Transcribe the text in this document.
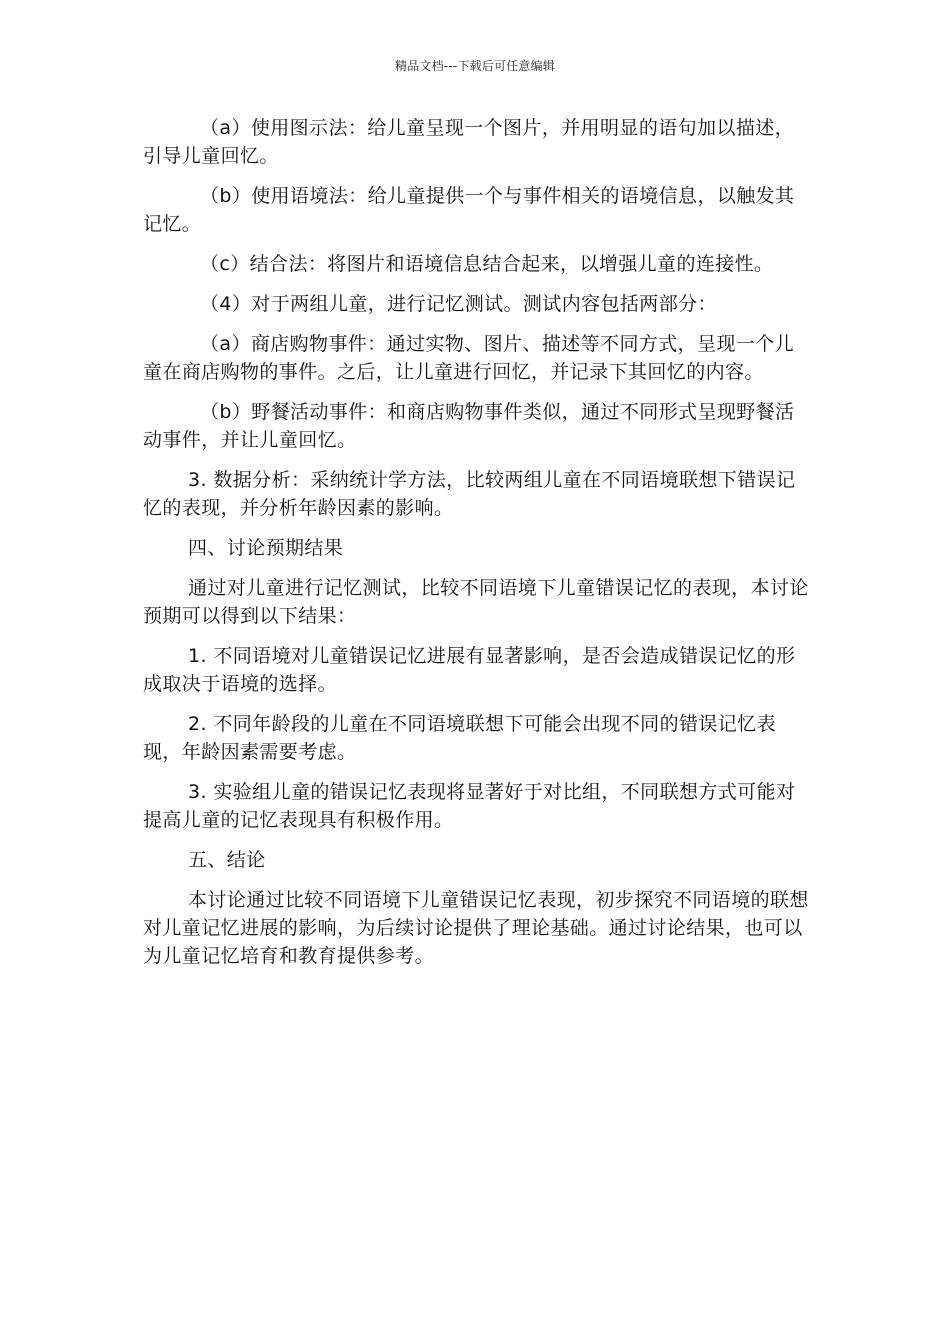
精品文档---下载后可任意编辑

（a）使用图示法：给儿童呈现一个图片，并用明显的语句加以描述，引导儿童回忆。

（b）使用语境法：给儿童提供一个与事件相关的语境信息，以触发其记忆。

（c）结合法：将图片和语境信息结合起来，以增强儿童的连接性。

（4）对于两组儿童，进行记忆测试。测试内容包括两部分：

（a）商店购物事件：通过实物、图片、描述等不同方式，呈现一个儿童在商店购物的事件。之后，让儿童进行回忆，并记录下其回忆的内容。

（b）野餐活动事件：和商店购物事件类似，通过不同形式呈现野餐活动事件，并让儿童回忆。

3. 数据分析：采纳统计学方法，比较两组儿童在不同语境联想下错误记忆的表现，并分析年龄因素的影响。

四、讨论预期结果

通过对儿童进行记忆测试，比较不同语境下儿童错误记忆的表现，本讨论预期可以得到以下结果：

1. 不同语境对儿童错误记忆进展有显著影响，是否会造成错误记忆的形成取决于语境的选择。

2. 不同年龄段的儿童在不同语境联想下可能会出现不同的错误记忆表现，年龄因素需要考虑。

3. 实验组儿童的错误记忆表现将显著好于对比组，不同联想方式可能对提高儿童的记忆表现具有积极作用。

五、结论

本讨论通过比较不同语境下儿童错误记忆表现，初步探究不同语境的联想对儿童记忆进展的影响，为后续讨论提供了理论基础。通过讨论结果，也可以为儿童记忆培育和教育提供参考。
